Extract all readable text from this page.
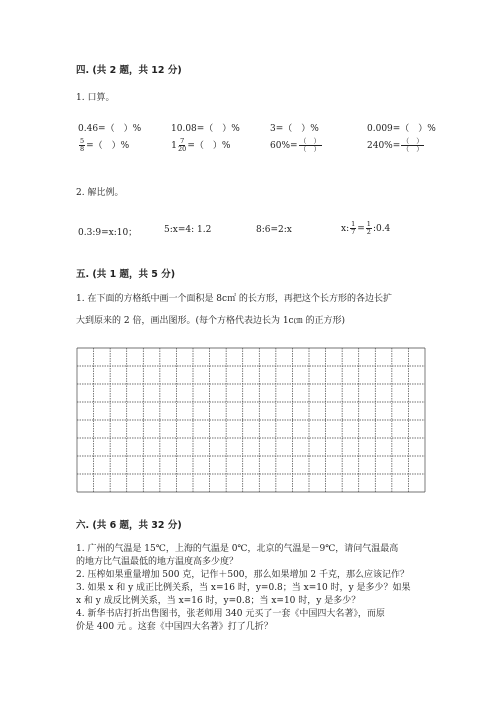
四. (共 2 题，共 12 分)
1. 口算。
0.46=（　）%	10.08=（　）%	3=（　）%	0.009=（　）%
$\frac{5}{8}$ =（　）%	$1 \frac{7}{20}$ =（　）%	$60\%= \frac{( )}{( )}$	$240\%= \frac{( )}{( )}$
2. 解比例。
0.3:9=x:10；	5:x=4: 1.2	8:6=2:x	x: $\frac{1}{7} = \frac{1}{2}$ :0.4
五. (共 1 题，共 5 分)
1. 在下面的方格纸中画一个面积是 8c㎡ 的长方形，再把这个长方形的各边长扩
大到原来的 2 倍，画出图形。(每个方格代表边长为 1c㎝ 的正方形)
六. (共 6 题，共 32 分)
1. 广州的气温是 15℃，上海的气温是 0℃，北京的气温是－9℃，请问气温最高
的地方比气温最低的地方温度高多少度？
2. 压榨如果重量增加 500 克，记作＋500，那么如果增加 2 千克，那么应该记作？
3. 如果 x 和 y 成正比例关系，当 x=16 时，y=0.8；当 x=10 时，y 是多少？如果
x 和 y 成反比例关系，当 x=16 时，y=0.8；当 x=10 时，y 是多少？
4. 新华书店打折出售图书，张老师用 340 元买了一套《中国四大名著》，而原
价是 400 元 。这套《中国四大名著》打了几折？
